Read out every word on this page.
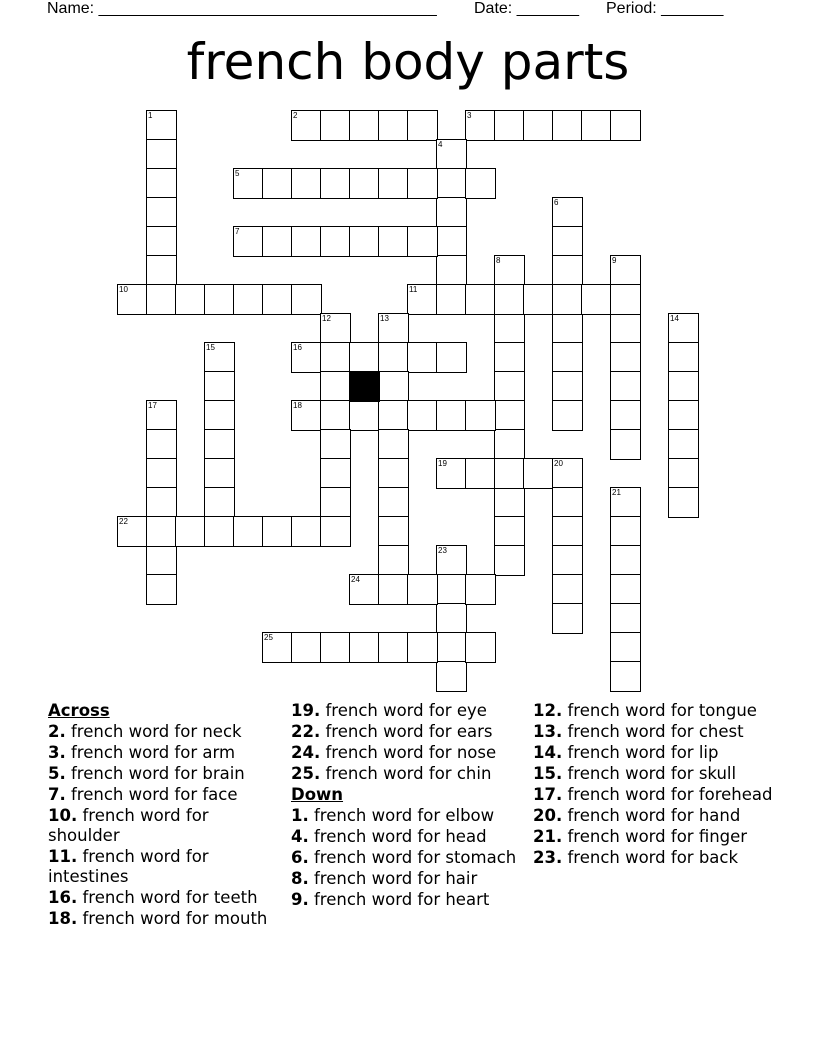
Name: ______________________________________ Date: _______ Period: _______
french body parts
1	2	3
4
5
6
7
8	9
10	11
12	13	14
15	16
17	18
19	20
21
22
23
24
25
Across
2. french word for neck
3. french word for arm
5. french word for brain
7. french word for face
10. french word for shoulder
11. french word for intestines
16. french word for teeth
18. french word for mouth
19. french word for eye
22. french word for ears
24. french word for nose
25. french word for chin
Down
1. french word for elbow
4. french word for head
6. french word for stomach
8. french word for hair
9. french word for heart
12. french word for tongue
13. french word for chest
14. french word for lip
15. french word for skull
17. french word for forehead
20. french word for hand
21. french word for finger
23. french word for back
